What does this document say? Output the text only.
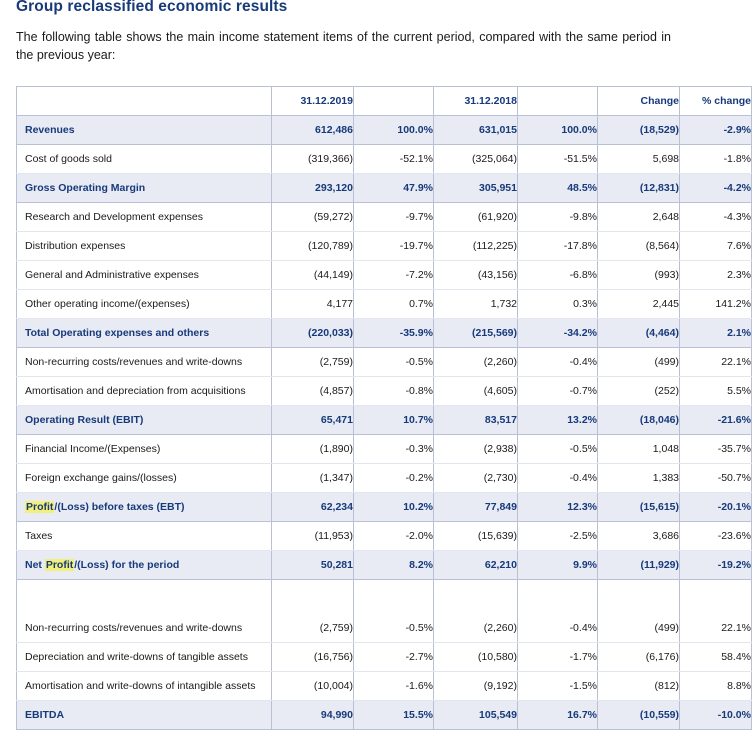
Group reclassified economic results

The following table shows the main income statement items of the current period, compared with the same period in the previous year:

	31.12.2019		31.12.2018		Change	% change
Revenues	612,486	100.0%	631,015	100.0%	(18,529)	-2.9%
Cost of goods sold	(319,366)	-52.1%	(325,064)	-51.5%	5,698	-1.8%
Gross Operating Margin	293,120	47.9%	305,951	48.5%	(12,831)	-4.2%
Research and Development expenses	(59,272)	-9.7%	(61,920)	-9.8%	2,648	-4.3%
Distribution expenses	(120,789)	-19.7%	(112,225)	-17.8%	(8,564)	7.6%
General and Administrative expenses	(44,149)	-7.2%	(43,156)	-6.8%	(993)	2.3%
Other operating income/(expenses)	4,177	0.7%	1,732	0.3%	2,445	141.2%
Total Operating expenses and others	(220,033)	-35.9%	(215,569)	-34.2%	(4,464)	2.1%
Non-recurring costs/revenues and write-downs	(2,759)	-0.5%	(2,260)	-0.4%	(499)	22.1%
Amortisation and depreciation from acquisitions	(4,857)	-0.8%	(4,605)	-0.7%	(252)	5.5%
Operating Result (EBIT)	65,471	10.7%	83,517	13.2%	(18,046)	-21.6%
Financial Income/(Expenses)	(1,890)	-0.3%	(2,938)	-0.5%	1,048	-35.7%
Foreign exchange gains/(losses)	(1,347)	-0.2%	(2,730)	-0.4%	1,383	-50.7%
Profit/(Loss) before taxes (EBT)	62,234	10.2%	77,849	12.3%	(15,615)	-20.1%
Taxes	(11,953)	-2.0%	(15,639)	-2.5%	3,686	-23.6%
Net Profit/(Loss) for the period	50,281	8.2%	62,210	9.9%	(11,929)	-19.2%

Non-recurring costs/revenues and write-downs	(2,759)	-0.5%	(2,260)	-0.4%	(499)	22.1%
Depreciation and write-downs of tangible assets	(16,756)	-2.7%	(10,580)	-1.7%	(6,176)	58.4%
Amortisation and write-downs of intangible assets	(10,004)	-1.6%	(9,192)	-1.5%	(812)	8.8%
EBITDA	94,990	15.5%	105,549	16.7%	(10,559)	-10.0%
